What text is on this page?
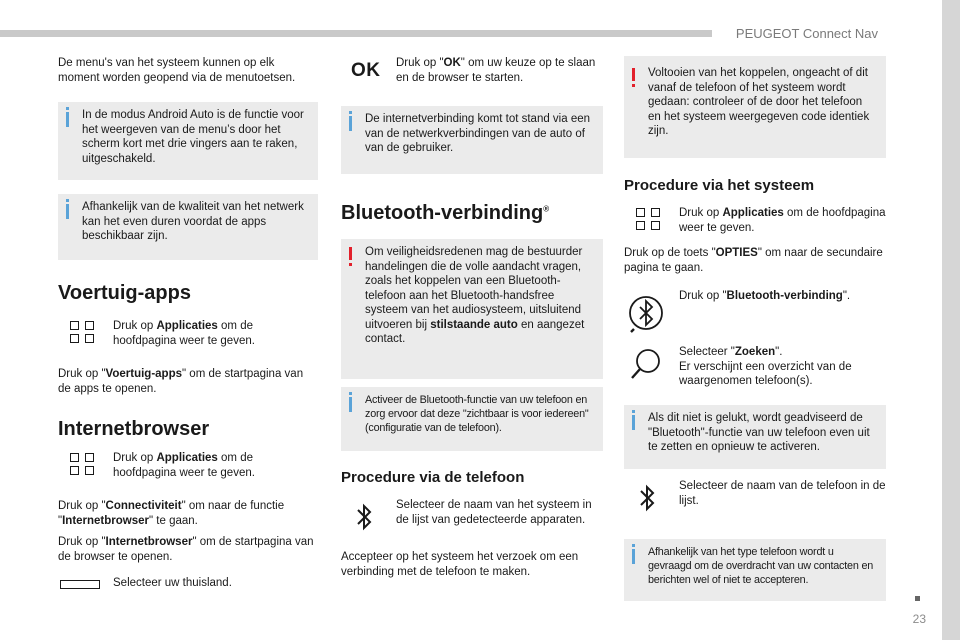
PEUGEOT Connect Nav
23

De menu's van het systeem kunnen op elk moment worden geopend via de menutoetsen.

In de modus Android Auto is de functie voor het weergeven van de menu’s door het scherm kort met drie vingers aan te raken, uitgeschakeld.

Afhankelijk van de kwaliteit van het netwerk kan het even duren voordat de apps beschikbaar zijn.

Voertuig-apps

Druk op Applicaties om de hoofdpagina weer te geven.

Druk op "Voertuig-apps" om de startpagina van de apps te openen.

Internetbrowser

Druk op Applicaties om de hoofdpagina weer te geven.

Druk op "Connectiviteit" om naar de functie "Internetbrowser" te gaan.

Druk op "Internetbrowser" om de startpagina van de browser te openen.

Selecteer uw thuisland.

OK Druk op "OK" om uw keuze op te slaan en de browser te starten.

De internetverbinding komt tot stand via een van de netwerkverbindingen van de auto of van de gebruiker.

Bluetooth-verbinding®

Om veiligheidsredenen mag de bestuurder handelingen die de volle aandacht vragen, zoals het koppelen van een Bluetooth-telefoon aan het Bluetooth-handsfree systeem van het audiosysteem, uitsluitend uitvoeren bij stilstaande auto en aangezet contact.

Activeer de Bluetooth-functie van uw telefoon en zorg ervoor dat deze "zichtbaar is voor iedereen" (configuratie van de telefoon).

Procedure via de telefoon

Selecteer de naam van het systeem in de lijst van gedetecteerde apparaten.

Accepteer op het systeem het verzoek om een verbinding met de telefoon te maken.

Voltooien van het koppelen, ongeacht of dit vanaf de telefoon of het systeem wordt gedaan: controleer of de door het telefoon en het systeem weergegeven code identiek zijn.

Procedure via het systeem

Druk op Applicaties om de hoofdpagina weer te geven.

Druk op de toets "OPTIES" om naar de secundaire pagina te gaan.

Druk op "Bluetooth-verbinding".

Selecteer "Zoeken".
Er verschijnt een overzicht van de waargenomen telefoon(s).

Als dit niet is gelukt, wordt geadviseerd de "Bluetooth"-functie van uw telefoon even uit te zetten en opnieuw te activeren.

Selecteer de naam van de telefoon in de lijst.

Afhankelijk van het type telefoon wordt u gevraagd om de overdracht van uw contacten en berichten wel of niet te accepteren.
